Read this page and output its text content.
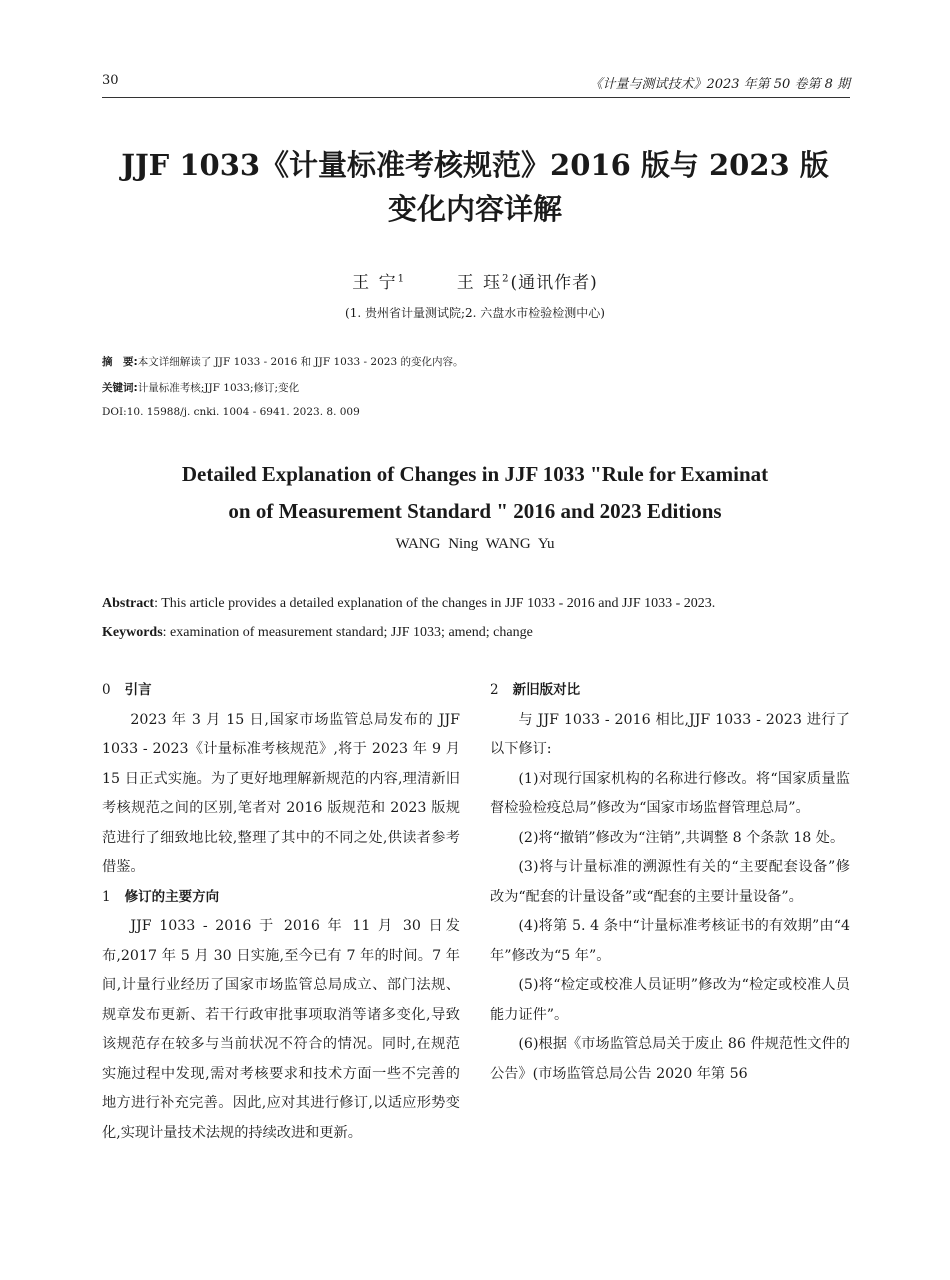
30	《计量与测试技术》2023 年第 50 卷第 8 期
JJF 1033《计量标准考核规范》2016 版与 2023 版
变化内容详解
王 宁$^1$	王 珏$^2$(通讯作者)
(1. 贵州省计量测试院;2. 六盘水市检验检测中心)
摘　要:本文详细解读了 JJF 1033 - 2016 和 JJF 1033 - 2023 的变化内容。
关键词:计量标准考核;JJF 1033;修订;变化
DOI:10. 15988/j. cnki. 1004 - 6941. 2023. 8. 009
Detailed Explanation of Changes in JJF 1033 "Rule for Examinat
on of Measurement Standard " 2016 and 2023 Editions
WANG Ning WANG Yu
Abstract: This article provides a detailed explanation of the changes in JJF 1033 - 2016 and JJF 1033 - 2023.
Keywords: examination of measurement standard; JJF 1033; amend; change

0 引言

2023 年 3 月 15 日,国家市场监管总局发布的 JJF 1033 - 2023《计量标准考核规范》,将于 2023 年 9 月 15 日正式实施。为了更好地理解新规范的内容,理清新旧考核规范之间的区别,笔者对 2016 版规范和 2023 版规范进行了细致地比较,整理了其中的不同之处,供读者参考借鉴。

1 修订的主要方向

JJF 1033 - 2016 于 2016 年 11 月 30 日发布,2017 年 5 月 30 日实施,至今已有 7 年的时间。7 年间,计量行业经历了国家市场监管总局成立、部门法规、规章发布更新、若干行政审批事项取消等诸多变化,导致该规范存在较多与当前状况不符合的情况。同时,在规范实施过程中发现,需对考核要求和技术方面一些不完善的地方进行补充完善。因此,应对其进行修订,以适应形势变化,实现计量技术法规的持续改进和更新。

2 新旧版对比

与 JJF 1033 - 2016 相比,JJF 1033 - 2023 进行了以下修订:

(1)对现行国家机构的名称进行修改。将“国家质量监督检验检疫总局”修改为“国家市场监督管理总局”。

(2)将“撤销”修改为“注销”,共调整 8 个条款 18 处。

(3)将与计量标准的溯源性有关的“主要配套设备”修改为“配套的计量设备”或“配套的主要计量设备”。

(4)将第 5. 4 条中“计量标准考核证书的有效期”由“4 年”修改为“5 年”。

(5)将“检定或校准人员证明”修改为“检定或校准人员能力证件”。

(6)根据《市场监管总局关于废止 86 件规范性文件的公告》(市场监管总局公告 2020 年第 56
